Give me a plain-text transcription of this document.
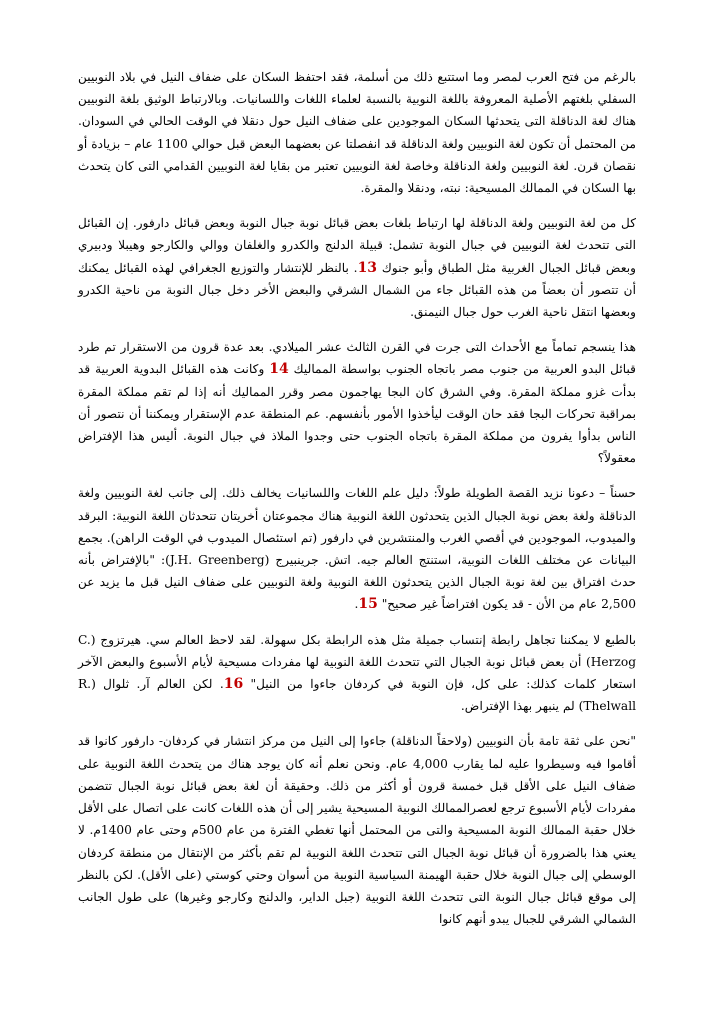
بالرغم من فتح العرب لمصر وما استتبع ذلك من أسلمة، فقد احتفظ السكان على ضفاف النيل في بلاد النوبيين السفلي بلغتهم الأصلية المعروفة باللغة النوبية بالنسبة لعلماء اللغات واللسانيات. وبالارتباط الوثيق بلغة النوبيين هناك لغة الدناقلة التى يتحدثها السكان الموجودين على ضفاف النيل حول دنقلا في الوقت الحالي في السودان. من المحتمل أن تكون لغة النوبيين ولغة الدناقلة قد انفصلتا عن بعضهما البعض قبل حوالي 1100 عام – بزيادة أو نقصان قرن. لغة النوبيين ولغة الدناقلة وخاصة لغة النوبيين تعتبر من بقايا لغة النوبيين القدامي التى كان يتحدث بها السكان في الممالك المسيحية: نبته، ودنقلا والمقرة.
كل من لغة النوبيين ولغة الدناقلة لها ارتباط بلغات بعض قبائل نوبة جبال النوبة وبعض قبائل دارفور. إن القبائل التى تتحدث لغة النوبيين في جبال النوبة تشمل: قبيلة الدلنج والكدرو والغلفان ووالي والكارجو وهيبلا ودبيري وبعض قبائل الجبال الغربية مثل الطباق وأبو جنوك 13. بالنظر للإنتشار والتوزيع الجغرافي لهذه القبائل يمكنك أن تتصور أن بعضاً من هذه القبائل جاء من الشمال الشرقي والبعض الأخر دخل جبال النوبة من ناحية الكدرو وبعضها انتقل ناحية الغرب حول جبال النيمنق.
هذا ينسجم تماماً مع الأحداث التى جرت في القرن الثالث عشر الميلادي. بعد عدة قرون من الاستقرار تم طرد قبائل البدو العربية من جنوب مصر باتجاه الجنوب بواسطة المماليك 14 وكانت هذه القبائل البدوية العربية قد بدأت غزو مملكة المقرة. وفي الشرق كان البجا يهاجمون مصر وقرر المماليك أنه إذا لم تقم مملكة المقرة بمراقبة تحركات البجا فقد حان الوقت ليأخذوا الأمور بأنفسهم. عم المنطقة عدم الإستقرار ويمكننا أن نتصور أن الناس بدأوا يفرون من مملكة المقرة باتجاه الجنوب حتى وجدوا الملاذ في جبال النوبة. أليس هذا الإفتراض معقولاً؟
حسناً – دعونا نزيد القصة الطويلة طولاً: دليل علم اللغات واللسانيات يخالف ذلك. إلى جانب لغة النوبيين ولغة الدناقلة ولغة بعض نوبة الجبال الذين يتحدثون اللغة النوبية هناك مجموعتان أخريتان تتحدثان اللغة النوبية: البرقد والميدوب، الموجودين في أقصي الغرب والمنتشرين في دارفور (تم استئصال الميدوب في الوقت الراهن). بجمع البيانات عن مختلف اللغات النوبية، استنتج العالم جيه. اتش. جرينبيرج (J.H. Greenberg): "بالإفتراض بأنه حدث افتراق بين لغة نوبة الجبال الذين يتحدثون اللغة النوبية ولغة النوبيين على ضفاف النيل قبل ما يزيد عن 2,500 عام من الأن - قد يكون افتراضاً غير صحيح" 15.
بالطبع لا يمكننا تجاهل رابطة إنتساب جميلة مثل هذه الرابطة بكل سهولة. لقد لاحظ العالم سي. هيرتزوج (C. Herzog) أن بعض قبائل نوبة الجبال التي تتحدث اللغة النوبية لها مفردات مسيحية لأيام الأسبوع والبعض الآخر استعار كلمات كذلك: على كل، فإن النوبة في كردفان جاءوا من النيل" 16. لكن العالم آر. ثلوال (R. Thelwall) لم ينبهر بهذا الإفتراض.
"نحن على ثقة تامة بأن النوبيين (ولاحقاً الدناقلة) جاءوا إلى النيل من مركز انتشار في كردفان- دارفور كانوا قد أقاموا فيه وسيطروا عليه لما يقارب 4,000 عام. ونحن نعلم أنه كان يوجد هناك من يتحدث اللغة النوبية على ضفاف النيل على الأقل قبل خمسة قرون أو أكثر من ذلك. وحقيقة أن لغة بعض قبائل نوبة الجبال تتضمن مفردات لأيام الأسبوع ترجع لعصرالممالك النوبية المسيحية يشير إلى أن هذه اللغات كانت على اتصال على الأقل خلال حقبة الممالك النوبة المسيحية والتى من المحتمل أنها تغطي الفترة من عام 500م وحتى عام 1400م. لا يعني هذا بالضرورة أن قبائل نوبة الجبال التى تتحدث اللغة النوبية لم تقم بأكثر من الإنتقال من منطقة كردفان الوسطي إلى جبال النوبة خلال حقبة الهيمنة السياسية النوبية من أسوان وحتي كوستي (على الأقل). لكن بالنظر إلى موقع قبائل جبال النوبة التى تتحدث اللغة النوبية (جبل الداير، والدلنج وكارجو وغيرها) على طول الجانب الشمالي الشرقي للجبال يبدو أنهم كانوا
